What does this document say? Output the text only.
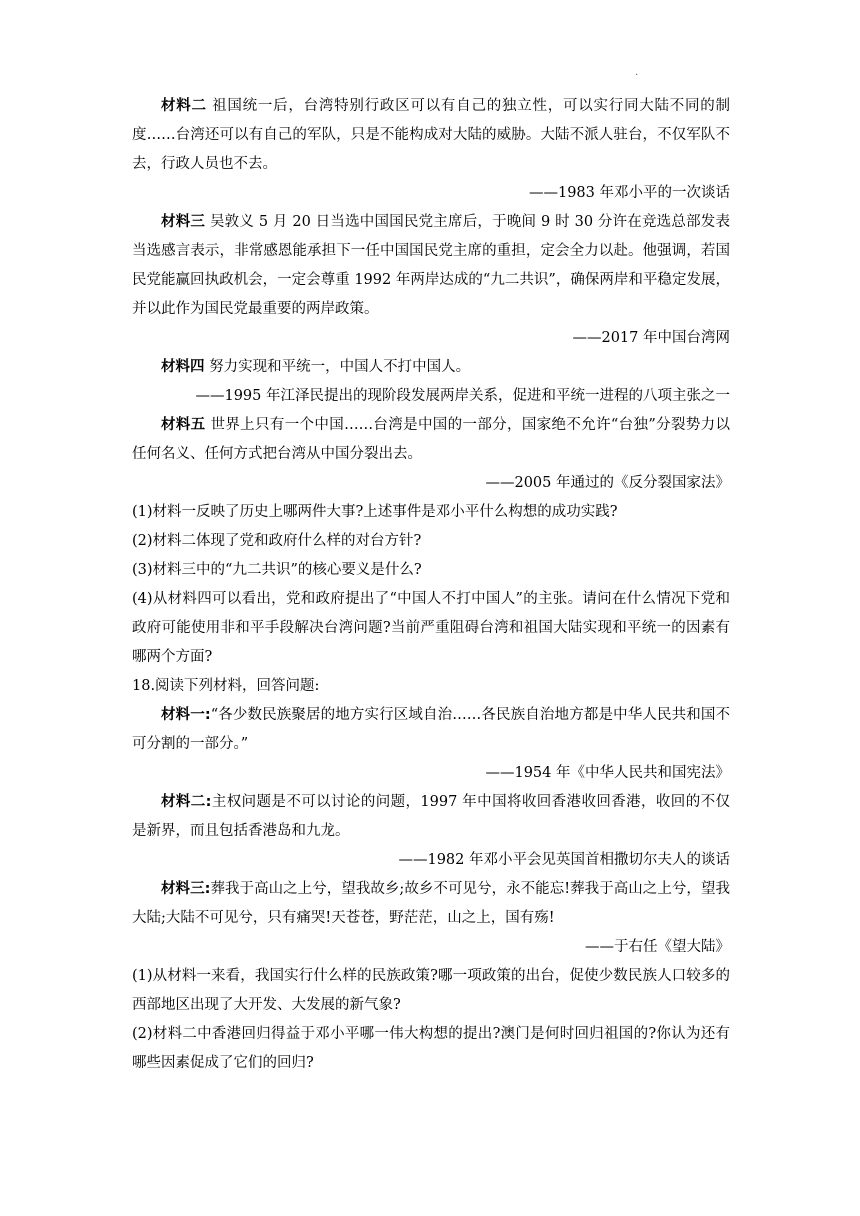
·

材料二 祖国统一后，台湾特别行政区可以有自己的独立性，可以实行同大陆不同的制度……台湾还可以有自己的军队，只是不能构成对大陆的威胁。大陆不派人驻台，不仅军队不去，行政人员也不去。

——1983 年邓小平的一次谈话

材料三 吴敦义 5 月 20 日当选中国国民党主席后，于晚间 9 时 30 分许在竞选总部发表当选感言表示，非常感恩能承担下一任中国国民党主席的重担，定会全力以赴。他强调，若国民党能赢回执政机会，一定会尊重 1992 年两岸达成的“九二共识”，确保两岸和平稳定发展，并以此作为国民党最重要的两岸政策。

——2017 年中国台湾网

材料四 努力实现和平统一，中国人不打中国人。

——1995 年江泽民提出的现阶段发展两岸关系，促进和平统一进程的八项主张之一

材料五 世界上只有一个中国……台湾是中国的一部分，国家绝不允许“台独”分裂势力以任何名义、任何方式把台湾从中国分裂出去。

——2005 年通过的《反分裂国家法》

(1)材料一反映了历史上哪两件大事?上述事件是邓小平什么构想的成功实践?

(2)材料二体现了党和政府什么样的对台方针?

(3)材料三中的“九二共识”的核心要义是什么?

(4)从材料四可以看出，党和政府提出了“中国人不打中国人”的主张。请问在什么情况下党和政府可能使用非和平手段解决台湾问题?当前严重阻碍台湾和祖国大陆实现和平统一的因素有哪两个方面?

18.阅读下列材料，回答问题:

材料一:“各少数民族聚居的地方实行区域自治……各民族自治地方都是中华人民共和国不可分割的一部分。”

——1954 年《中华人民共和国宪法》

材料二:主权问题是不可以讨论的问题，1997 年中国将收回香港收回香港，收回的不仅是新界，而且包括香港岛和九龙。

——1982 年邓小平会见英国首相撒切尔夫人的谈话

材料三:葬我于高山之上兮，望我故乡;故乡不可见兮，永不能忘!葬我于高山之上兮，望我大陆;大陆不可见兮，只有痛哭!天苍苍，野茫茫，山之上，国有殇!

——于右任《望大陆》

(1)从材料一来看，我国实行什么样的民族政策?哪一项政策的出台，促使少数民族人口较多的西部地区出现了大开发、大发展的新气象?

(2)材料二中香港回归得益于邓小平哪一伟大构想的提出?澳门是何时回归祖国的?你认为还有哪些因素促成了它们的回归?
